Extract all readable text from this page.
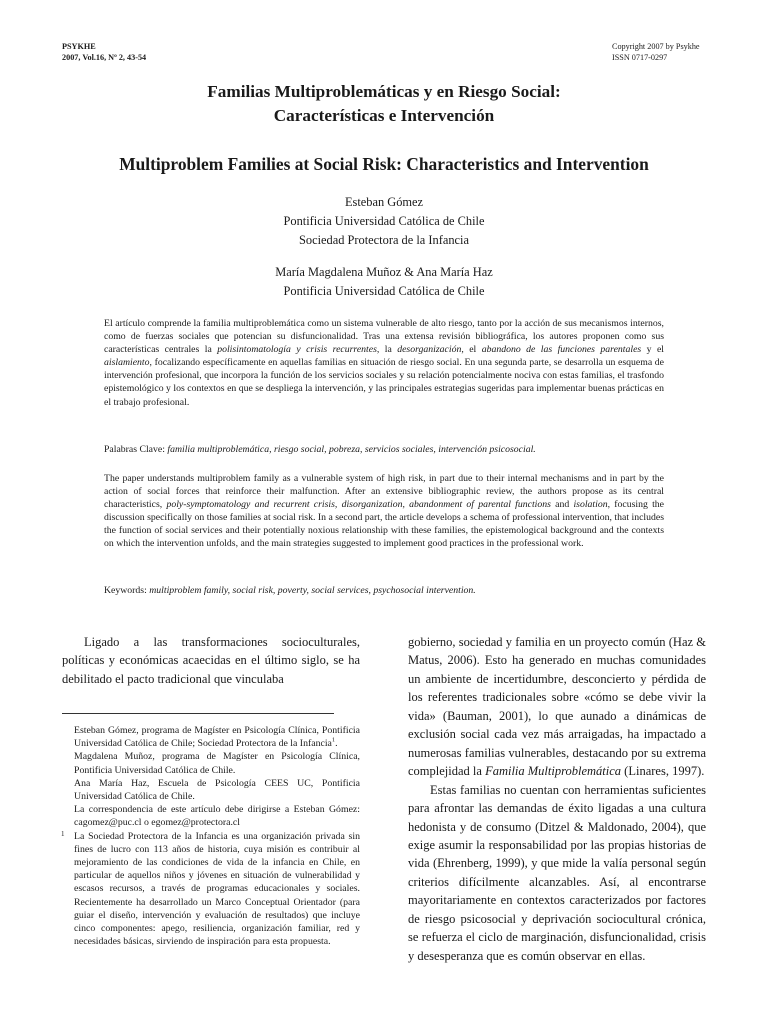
PSYKHE
2007, Vol.16, Nº 2, 43-54
Copyright 2007 by Psykhe
ISSN 0717-0297
Familias Multiproblemáticas y en Riesgo Social:
Características e Intervención
Multiproblem Families at Social Risk: Characteristics and Intervention
Esteban Gómez
Pontificia Universidad Católica de Chile
Sociedad Protectora de la Infancia
María Magdalena Muñoz & Ana María Haz
Pontificia Universidad Católica de Chile

El artículo comprende la familia multiproblemática como un sistema vulnerable de alto riesgo, tanto por la acción de sus mecanismos internos, como de fuerzas sociales que potencian su disfuncionalidad. Tras una extensa revisión bibliográfica, los autores proponen como sus características centrales la polisintomatología y crisis recurrentes, la desorganización, el abandono de las funciones parentales y el aislamiento, focalizando específicamente en aquellas familias en situación de riesgo social. En una segunda parte, se desarrolla un esquema de intervención profesional, que incorpora la función de los servicios sociales y su relación potencialmente nociva con estas familias, el trasfondo epistemológico y los contextos en que se despliega la intervención, y las principales estrategias sugeridas para implementar buenas prácticas en el trabajo profesional.

Palabras Clave: familia multiproblemática, riesgo social, pobreza, servicios sociales, intervención psicosocial.

The paper understands multiproblem family as a vulnerable system of high risk, in part due to their internal mechanisms and in part by the action of social forces that reinforce their malfunction. After an extensive bibliographic review, the authors propose as its central characteristics, poly-symptomatology and recurrent crisis, disorganization, abandonment of parental functions and isolation, focusing the discussion specifically on those families at social risk. In a second part, the article develops a schema of professional intervention, that includes the function of social services and their potentially noxious relationship with these families, the epistemological background and the contexts on which the intervention unfolds, and the main strategies suggested to implement good practices in the professional work.

Keywords: multiproblem family, social risk, poverty, social services, psychosocial intervention.

Ligado a las transformaciones socioculturales, políticas y económicas acaecidas en el último siglo, se ha debilitado el pacto tradicional que vinculaba

Esteban Gómez, programa de Magíster en Psicología Clínica, Pontificia Universidad Católica de Chile; Sociedad Protectora de la Infancia$^1$.
Magdalena Muñoz, programa de Magíster en Psicología Clínica, Pontificia Universidad Católica de Chile.
Ana María Haz, Escuela de Psicología CEES UC, Pontificia Universidad Católica de Chile.
La correspondencia de este artículo debe dirigirse a Esteban Gómez: cagomez@puc.cl o egomez@protectora.cl
1 La Sociedad Protectora de la Infancia es una organización privada sin fines de lucro con 113 años de historia, cuya misión es contribuir al mejoramiento de las condiciones de vida de la infancia en Chile, en particular de aquellos niños y jóvenes en situación de vulnerabilidad y escasos recursos, a través de programas educacionales y sociales. Recientemente ha desarrollado un Marco Conceptual Orientador (para guiar el diseño, intervención y evaluación de resultados) que incluye cinco componentes: apego, resiliencia, organización familiar, red y necesidades básicas, sirviendo de inspiración para esta propuesta.

gobierno, sociedad y familia en un proyecto común (Haz & Matus, 2006). Esto ha generado en muchas comunidades un ambiente de incertidumbre, desconcierto y pérdida de los referentes tradicionales sobre «cómo se debe vivir la vida» (Bauman, 2001), lo que aunado a dinámicas de exclusión social cada vez más arraigadas, ha impactado a numerosas familias vulnerables, destacando por su extrema complejidad la Familia Multiproblemática (Linares, 1997).
Estas familias no cuentan con herramientas suficientes para afrontar las demandas de éxito ligadas a una cultura hedonista y de consumo (Ditzel & Maldonado, 2004), que exige asumir la responsabilidad por las propias historias de vida (Ehrenberg, 1999), y que mide la valía personal según criterios difícilmente alcanzables. Así, al encontrarse mayoritariamente en contextos caracterizados por factores de riesgo psicosocial y deprivación sociocultural crónica, se refuerza el ciclo de marginación, disfuncionalidad, crisis y desesperanza que es común observar en ellas.
